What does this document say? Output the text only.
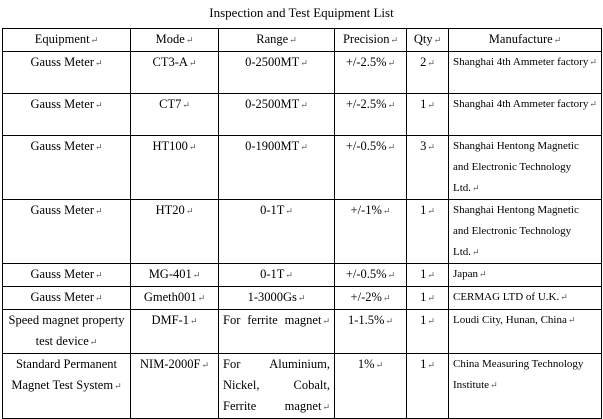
Inspection and Test Equipment List
Equipment↵	Mode↵	Range↵	Precision↵	Qty↵	Manufacture↵
Gauss Meter↵	CT3-A↵	0-2500MT↵	+/-2.5%↵	2↵	Shanghai 4th Ammeter factory↵
Gauss Meter↵	CT7↵	0-2500MT↵	+/-2.5%↵	1↵	Shanghai 4th Ammeter factory↵
Gauss Meter↵	HT100↵	0-1900MT↵	+/-0.5%↵	3↵	Shanghai Hentong Magnetic and Electronic Technology Ltd.↵
Gauss Meter↵	HT20↵	0-1T↵	+/-1%↵	1↵	Shanghai Hentong Magnetic and Electronic Technology Ltd.↵
Gauss Meter↵	MG-401↵	0-1T↵	+/-0.5%↵	1↵	Japan↵
Gauss Meter↵	Gmeth001↵	1-3000Gs↵	+/-2%↵	1↵	CERMAG LTD of U.K.↵
Speed magnet property test device↵	DMF-1↵	For ferrite magnet↵	1-1.5%↵	1↵	Loudi City, Hunan, China↵
Standard Permanent Magnet Test System↵	NIM-2000F↵	For Aluminium, Nickel, Cobalt, Ferrite magnet↵	1%↵	1↵	China Measuring Technology Institute↵
